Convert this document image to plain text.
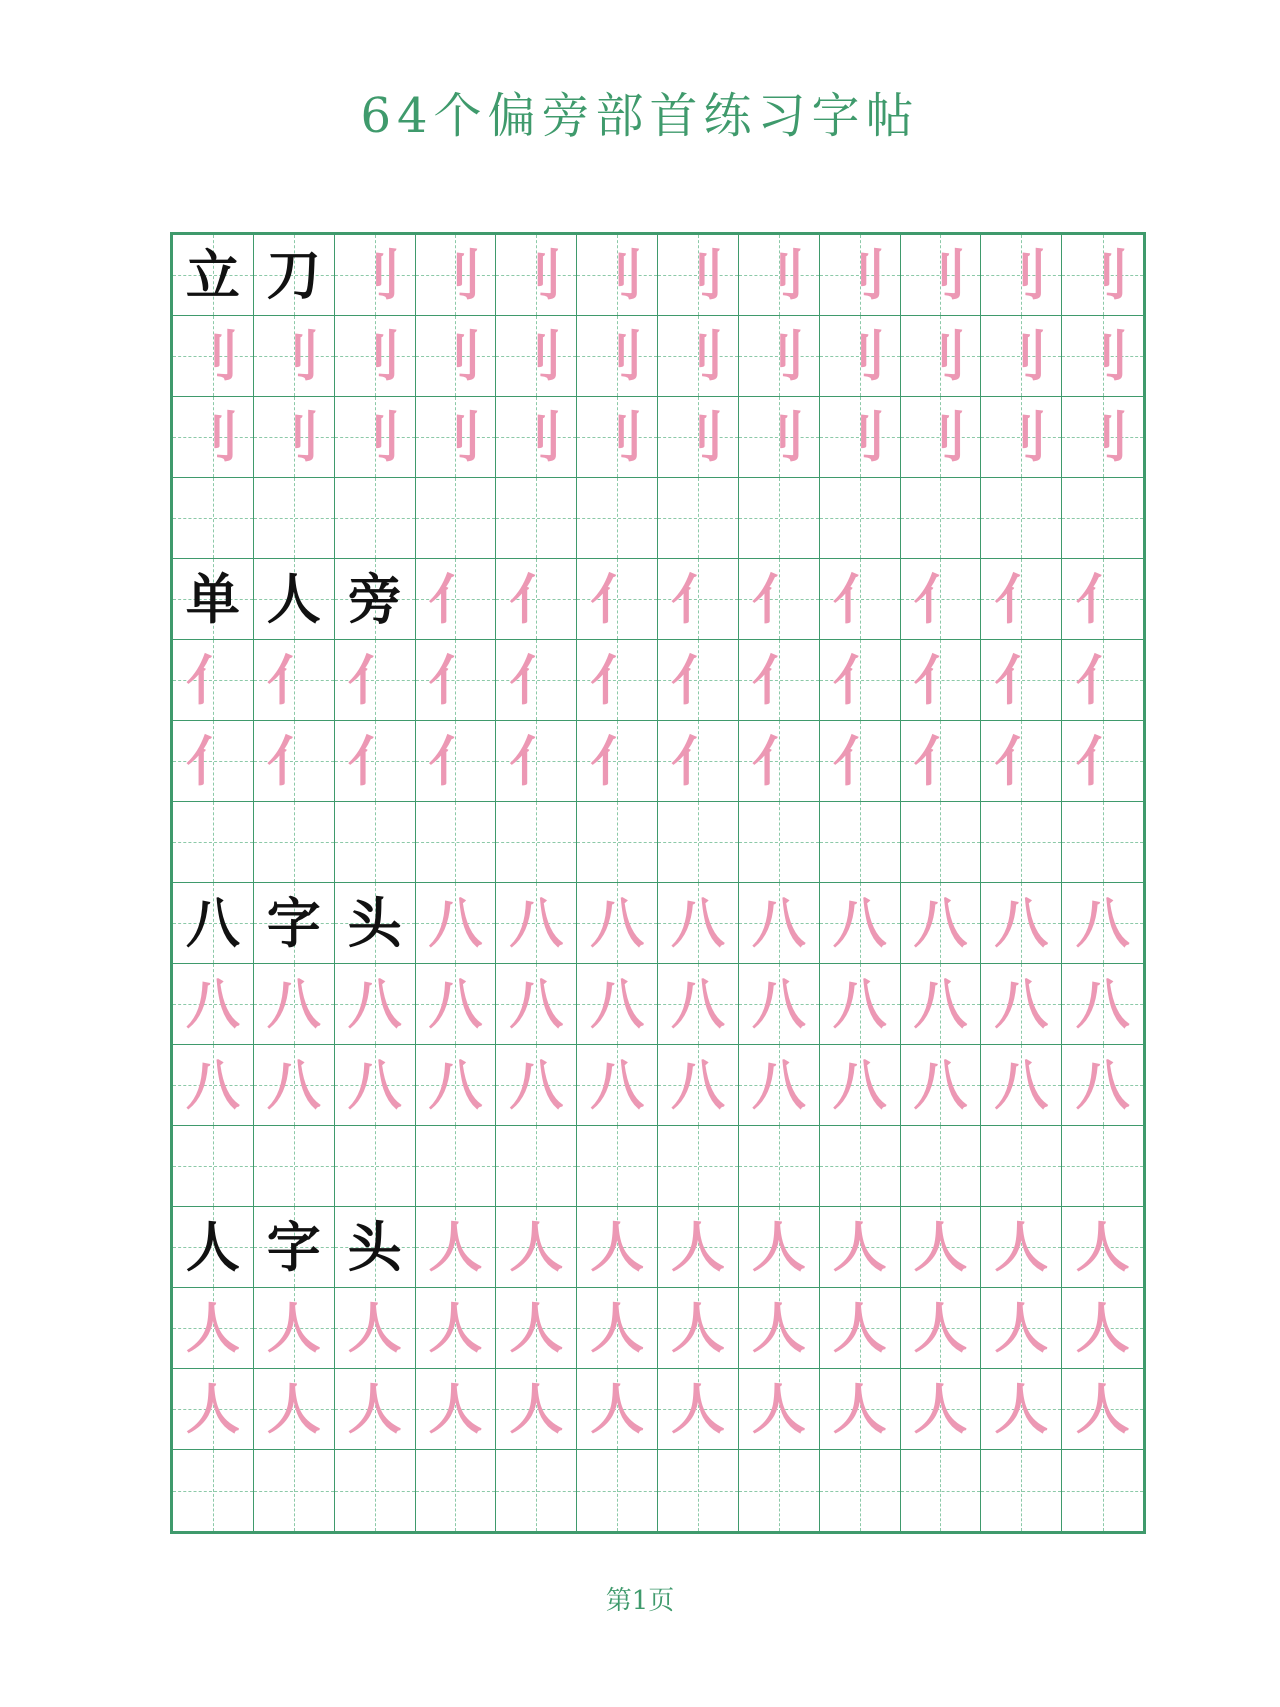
64个偏旁部首练习字帖
立 刀 刂 刂 刂 刂 刂 刂 刂 刂 刂 刂
刂 刂 刂 刂 刂 刂 刂 刂 刂 刂 刂 刂
刂 刂 刂 刂 刂 刂 刂 刂 刂 刂 刂 刂
单 人 旁 亻 亻 亻 亻 亻 亻 亻 亻 亻
亻 亻 亻 亻 亻 亻 亻 亻 亻 亻 亻 亻
亻 亻 亻 亻 亻 亻 亻 亻 亻 亻 亻 亻
八 字 头 八 八 八 八 八 八 八 八 八
八 八 八 八 八 八 八 八 八 八 八 八
八 八 八 八 八 八 八 八 八 八 八 八
人 字 头 人 人 人 人 人 人 人 人 人
人 人 人 人 人 人 人 人 人 人 人 人
人 人 人 人 人 人 人 人 人 人 人 人
第1页
